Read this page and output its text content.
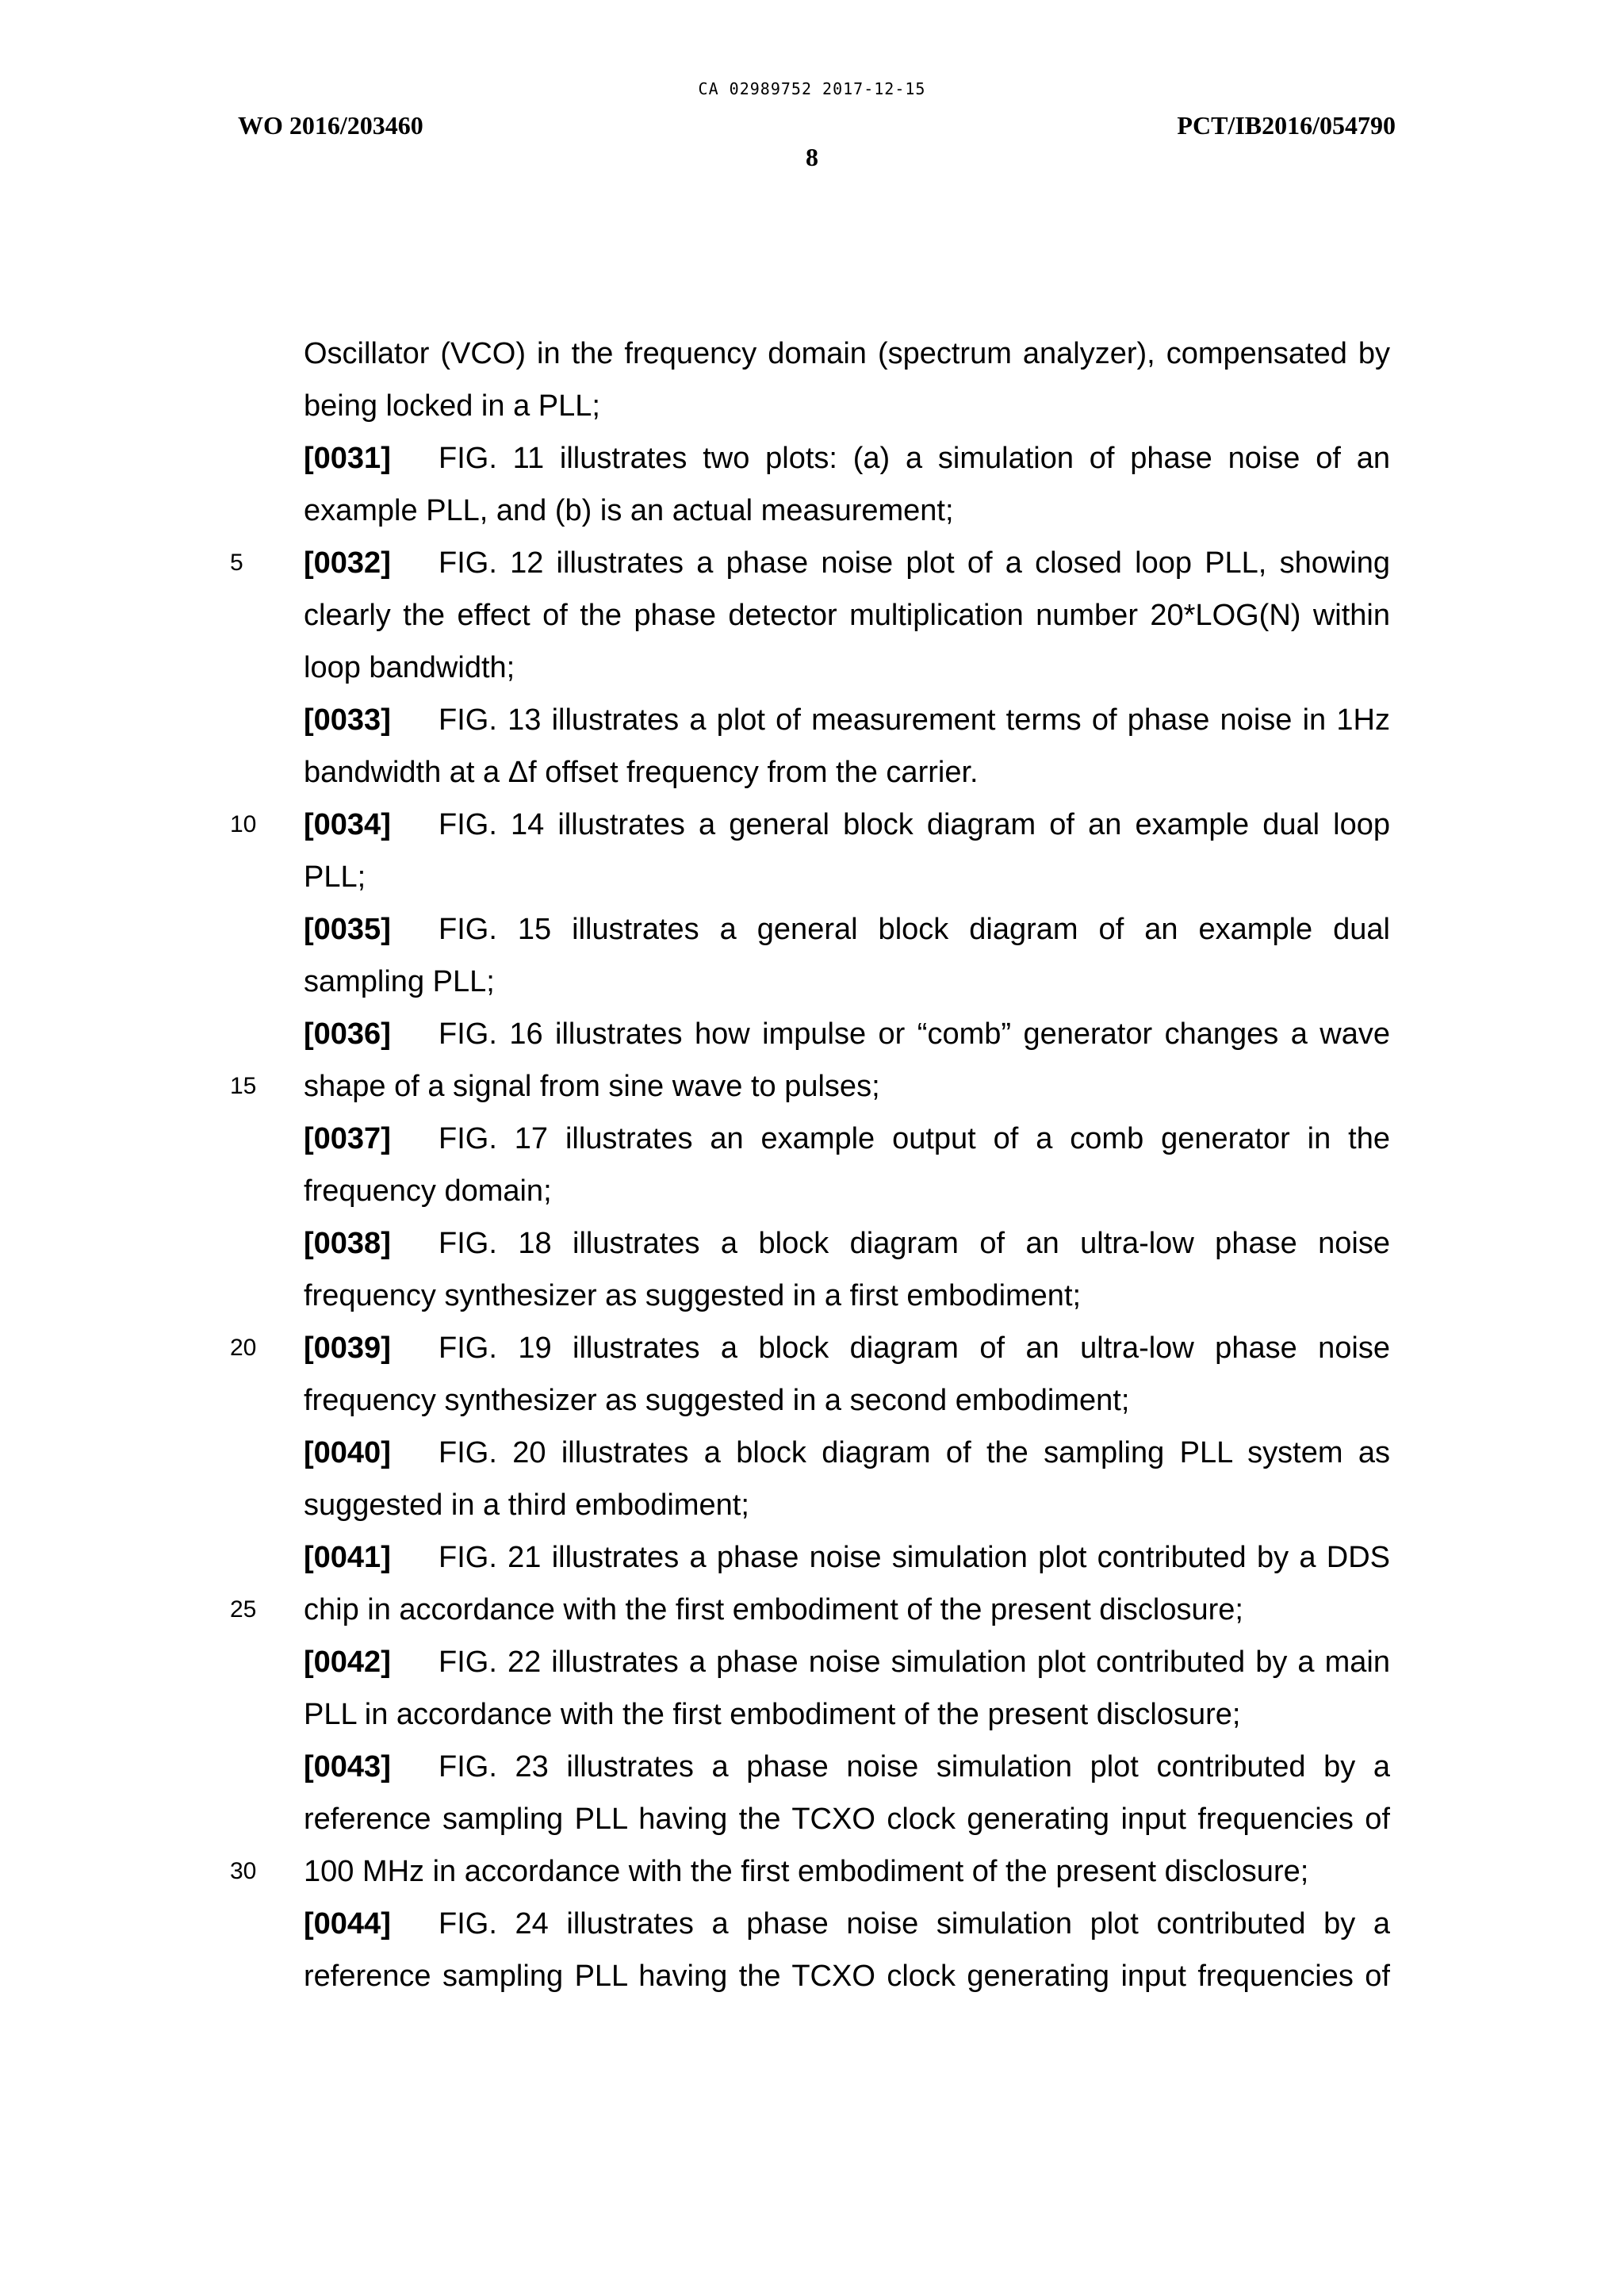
CA 02989752 2017-12-15
WO 2016/203460	PCT/IB2016/054790
8
Oscillator (VCO) in the frequency domain (spectrum analyzer), compensated by
being locked in a PLL;
[0031] FIG. 11 illustrates two plots: (a) a simulation of phase noise of an
example PLL, and (b) is an actual measurement;
[0032] FIG. 12 illustrates a phase noise plot of a closed loop PLL, showing
clearly the effect of the phase detector multiplication number 20*LOG(N) within
loop bandwidth;
[0033] FIG. 13 illustrates a plot of measurement terms of phase noise in 1Hz
bandwidth at a Δf offset frequency from the carrier.
[0034] FIG. 14 illustrates a general block diagram of an example dual loop
PLL;
[0035] FIG. 15 illustrates a general block diagram of an example dual
sampling PLL;
[0036] FIG. 16 illustrates how impulse or “comb” generator changes a wave
shape of a signal from sine wave to pulses;
[0037] FIG. 17 illustrates an example output of a comb generator in the
frequency domain;
[0038] FIG. 18 illustrates a block diagram of an ultra-low phase noise
frequency synthesizer as suggested in a first embodiment;
[0039] FIG. 19 illustrates a block diagram of an ultra-low phase noise
frequency synthesizer as suggested in a second embodiment;
[0040] FIG. 20 illustrates a block diagram of the sampling PLL system as
suggested in a third embodiment;
[0041] FIG. 21 illustrates a phase noise simulation plot contributed by a DDS
chip in accordance with the first embodiment of the present disclosure;
[0042] FIG. 22 illustrates a phase noise simulation plot contributed by a main
PLL in accordance with the first embodiment of the present disclosure;
[0043] FIG. 23 illustrates a phase noise simulation plot contributed by a
reference sampling PLL having the TCXO clock generating input frequencies of
100 MHz in accordance with the first embodiment of the present disclosure;
[0044] FIG. 24 illustrates a phase noise simulation plot contributed by a
reference sampling PLL having the TCXO clock generating input frequencies of
5
10
15
20
25
30
